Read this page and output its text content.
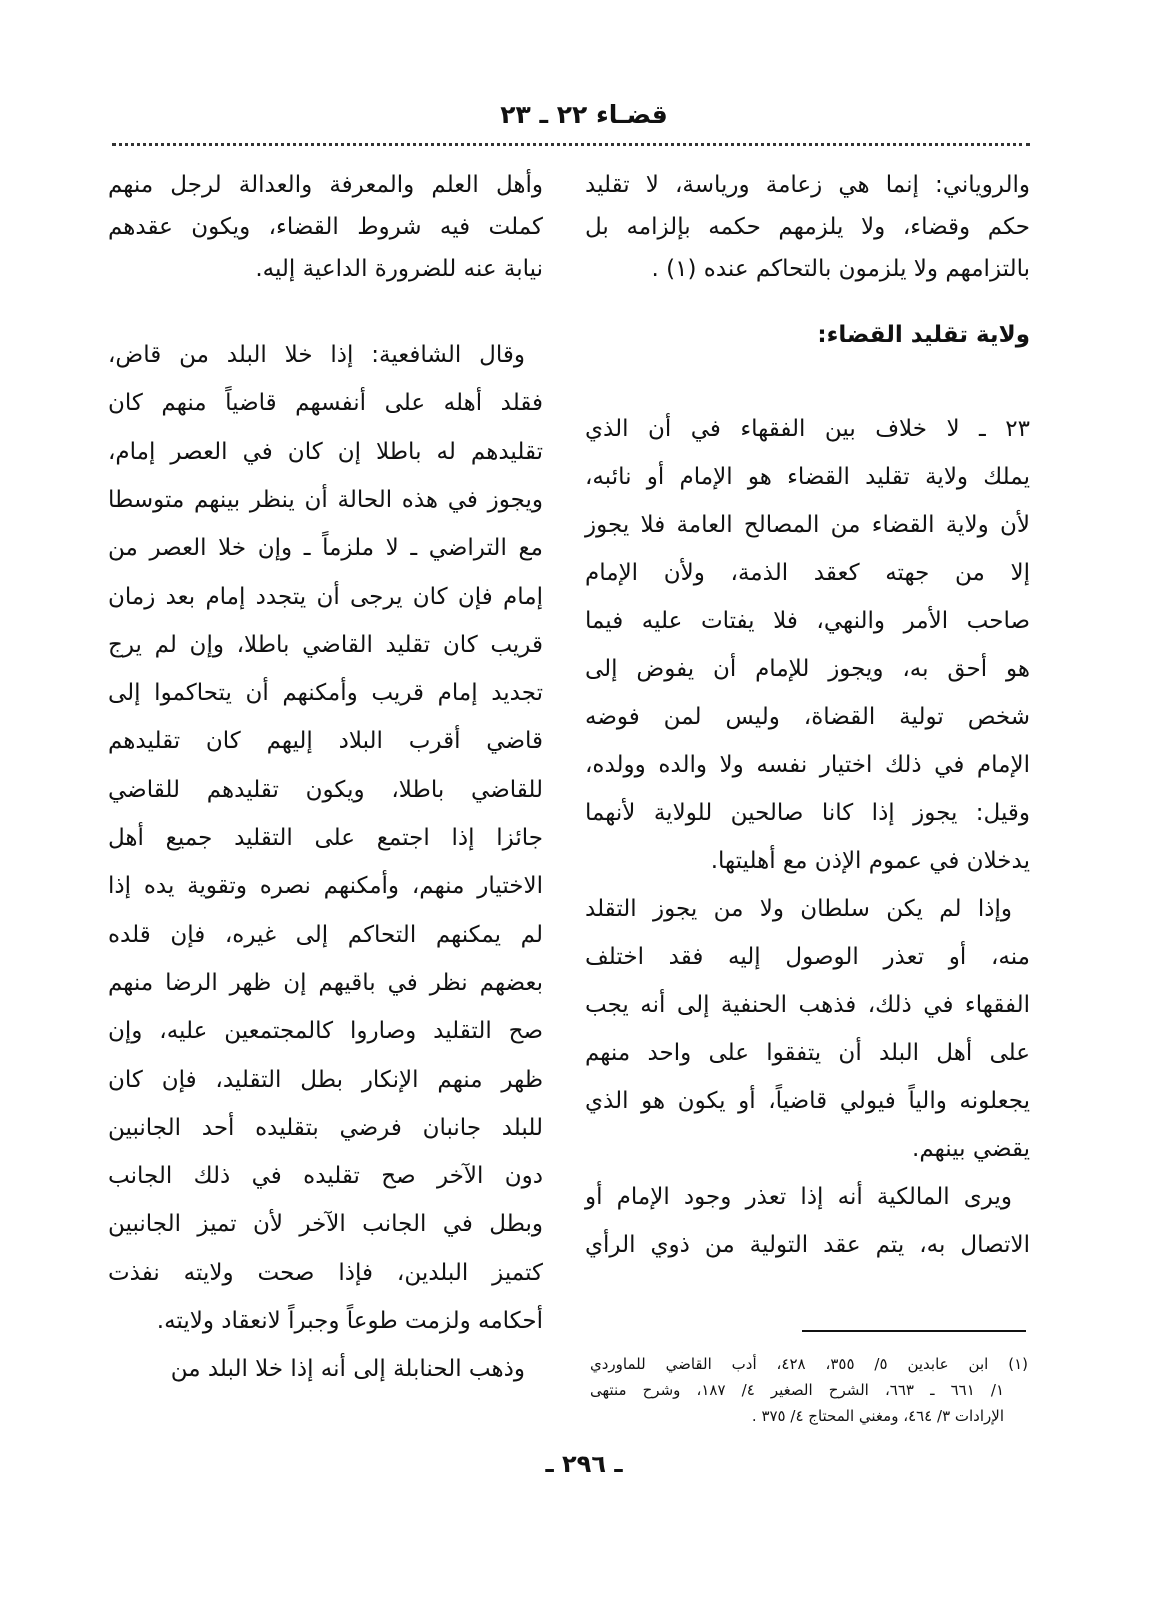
قضـاء ٢٢ ـ ٢٣
والروياني: إنما هي زعامة ورياسة، لا تقليد
حكم وقضاء، ولا يلزمهم حكمه بإلزامه بل
بالتزامهم ولا يلزمون بالتحاكم عنده (١) .
ولاية تقليد القضاء:
٢٣ ـ لا خلاف بين الفقهاء في أن الذي
يملك ولاية تقليد القضاء هو الإمام أو نائبه،
لأن ولاية القضاء من المصالح العامة فلا يجوز
إلا من جهته كعقد الذمة، ولأن الإمام
صاحب الأمر والنهي، فلا يفتات عليه فيما
هو أحق به، ويجوز للإمام أن يفوض إلى
شخص تولية القضاة، وليس لمن فوضه
الإمام في ذلك اختيار نفسه ولا والده وولده،
وقيل: يجوز إذا كانا صالحين للولاية لأنهما
يدخلان في عموم الإذن مع أهليتها.
وإذا لم يكن سلطان ولا من يجوز التقلد
منه، أو تعذر الوصول إليه فقد اختلف
الفقهاء في ذلك، فذهب الحنفية إلى أنه يجب
على أهل البلد أن يتفقوا على واحد منهم
يجعلونه والياً فيولي قاضياً، أو يكون هو الذي
يقضي بينهم.
ويرى المالكية أنه إذا تعذر وجود الإمام أو
الاتصال به، يتم عقد التولية من ذوي الرأي
وأهل العلم والمعرفة والعدالة لرجل منهم
كملت فيه شروط القضاء، ويكون عقدهم
نيابة عنه للضرورة الداعية إليه.
وقال الشافعية: إذا خلا البلد من قاض،
فقلد أهله على أنفسهم قاضياً منهم كان
تقليدهم له باطلا إن كان في العصر إمام،
ويجوز في هذه الحالة أن ينظر بينهم متوسطا
مع التراضي ـ لا ملزماً ـ وإن خلا العصر من
إمام فإن كان يرجى أن يتجدد إمام بعد زمان
قريب كان تقليد القاضي باطلا، وإن لم يرج
تجديد إمام قريب وأمكنهم أن يتحاكموا إلى
قاضي أقرب البلاد إليهم كان تقليدهم
للقاضي باطلا، ويكون تقليدهم للقاضي
جائزا إذا اجتمع على التقليد جميع أهل
الاختيار منهم، وأمكنهم نصره وتقوية يده إذا
لم يمكنهم التحاكم إلى غيره، فإن قلده
بعضهم نظر في باقيهم إن ظهر الرضا منهم
صح التقليد وصاروا كالمجتمعين عليه، وإن
ظهر منهم الإنكار بطل التقليد، فإن كان
للبلد جانبان فرضي بتقليده أحد الجانبين
دون الآخر صح تقليده في ذلك الجانب
وبطل في الجانب الآخر لأن تميز الجانبين
كتميز البلدين، فإذا صحت ولايته نفذت
أحكامه ولزمت طوعاً وجبراً لانعقاد ولايته.
وذهب الحنابلة إلى أنه إذا خلا البلد من	(١) ابن عابدين ٥/ ٣٥٥، ٤٢٨، أدب القاضي للماوردي
١/ ٦٦١ ـ ٦٦٣، الشرح الصغير ٤/ ١٨٧، وشرح منتهى
الإرادات ٣/ ٤٦٤، ومغني المحتاج ٤/ ٣٧٥ .
ـ ٢٩٦ ـ
